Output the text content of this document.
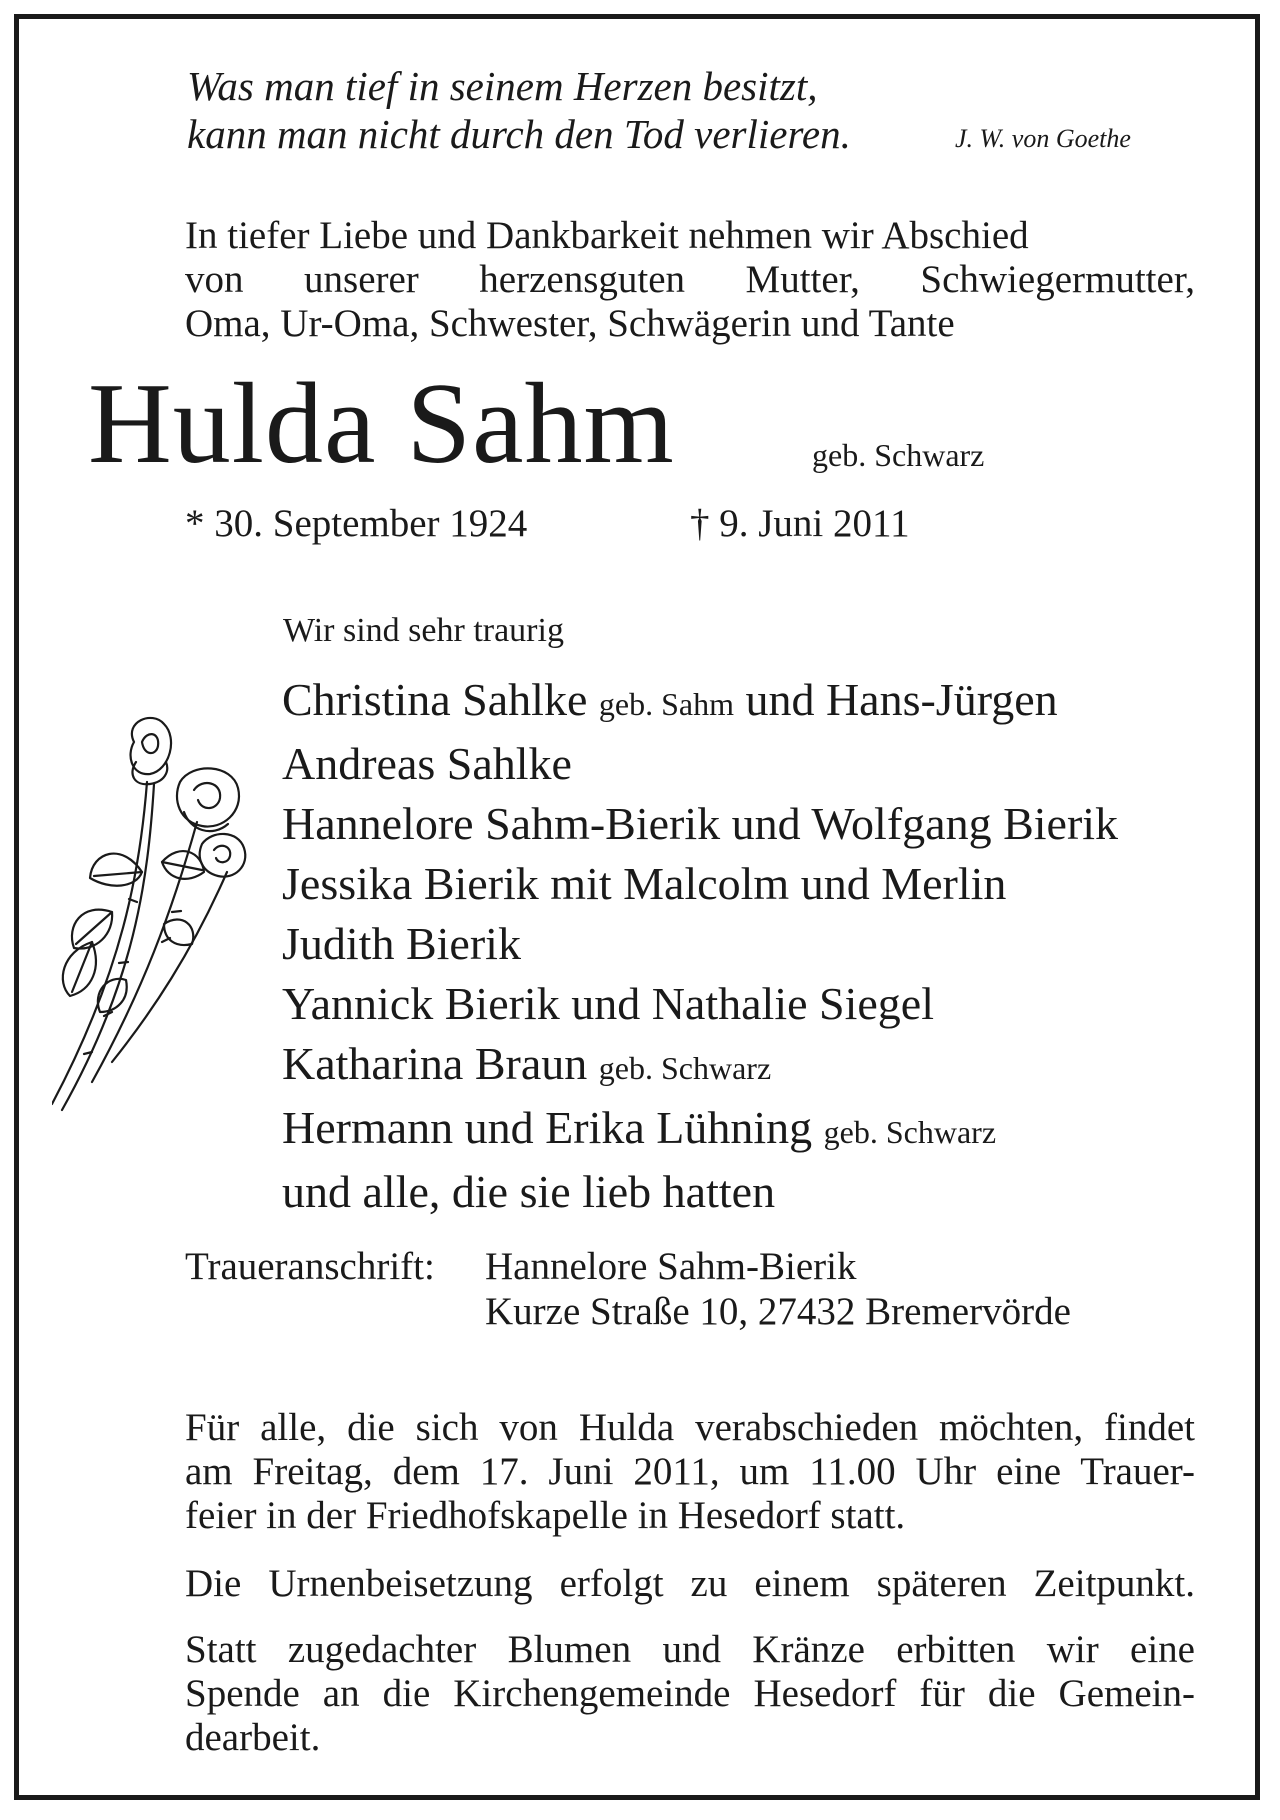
Was man tief in seinem Herzen besitzt,
kann man nicht durch den Tod verlieren.	J. W. von Goethe
In tiefer Liebe und Dankbarkeit nehmen wir Abschied
von unserer herzensguten Mutter, Schwiegermutter,
Oma, Ur-Oma, Schwester, Schwägerin und Tante
Hulda Sahm	geb. Schwarz
* 30. September 1924	† 9. Juni 2011
Wir sind sehr traurig
Christina Sahlke geb. Sahm und Hans-Jürgen
Andreas Sahlke
Hannelore Sahm-Bierik und Wolfgang Bierik
Jessika Bierik mit Malcolm und Merlin
Judith Bierik
Yannick Bierik und Nathalie Siegel
Katharina Braun geb. Schwarz
Hermann und Erika Lühning geb. Schwarz
und alle, die sie lieb hatten
Traueranschrift: Hannelore Sahm-Bierik
Kurze Straße 10, 27432 Bremervörde
Für alle, die sich von Hulda verabschieden möchten, findet
am Freitag, dem 17. Juni 2011, um 11.00 Uhr eine Trauer-
feier in der Friedhofskapelle in Hesedorf statt.
Die Urnenbeisetzung erfolgt zu einem späteren Zeitpunkt.
Statt zugedachter Blumen und Kränze erbitten wir eine
Spende an die Kirchengemeinde Hesedorf für die Gemein-
dearbeit.
